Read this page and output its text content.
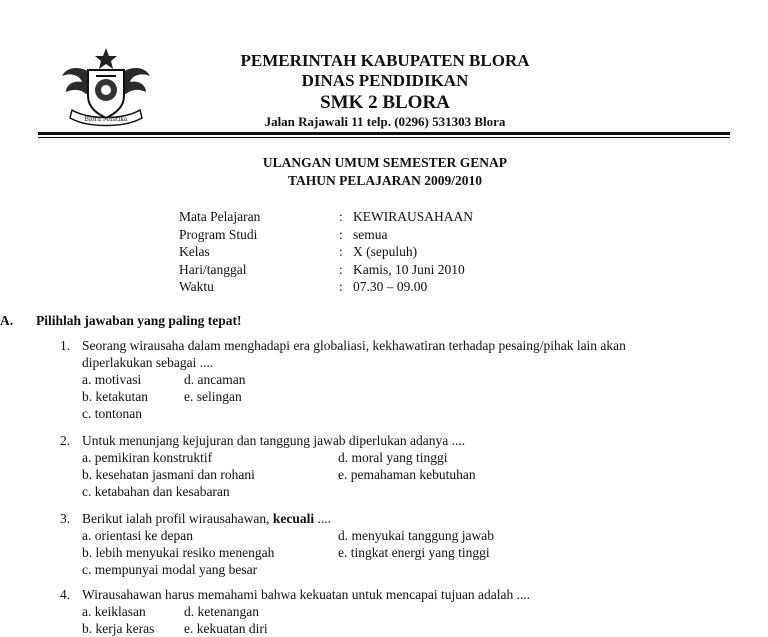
Blora Mustika
PEMERINTAH KABUPATEN BLORA
DINAS PENDIDIKAN
SMK 2 BLORA
Jalan Rajawali 11 telp. (0296) 531303 Blora
ULANGAN UMUM SEMESTER GENAP
TAHUN PELAJARAN 2009/2010
Mata Pelajaran	: KEWIRAUSAHAAN
Program Studi	: semua
Kelas	: X (sepuluh)
Hari/tanggal	: Kamis, 10 Juni 2010
Waktu	: 07.30 – 09.00
A. Pilihlah jawaban yang paling tepat!
1. Seorang wirausaha dalam menghadapi era globaliasi, kekhawatiran terhadap pesaing/pihak lain akan
diperlakukan sebagai ....
a. motivasi	d. ancaman
b. ketakutan	e. selingan
c. tontonan
2. Untuk menunjang kejujuran dan tanggung jawab diperlukan adanya ....
a. pemikiran konstruktif	d. moral yang tinggi
b. kesehatan jasmani dan rohani	e. pemahaman kebutuhan
c. ketabahan dan kesabaran
3. Berikut ialah profil wirausahawan, kecuali ....
a. orientasi ke depan	d. menyukai tanggung jawab
b. lebih menyukai resiko menengah	e. tingkat energi yang tinggi
c. mempunyai modal yang besar
4. Wirausahawan harus memahami bahwa kekuatan untuk mencapai tujuan adalah ....
a. keiklasan	d. ketenangan
b. kerja keras e. kekuatan diri
